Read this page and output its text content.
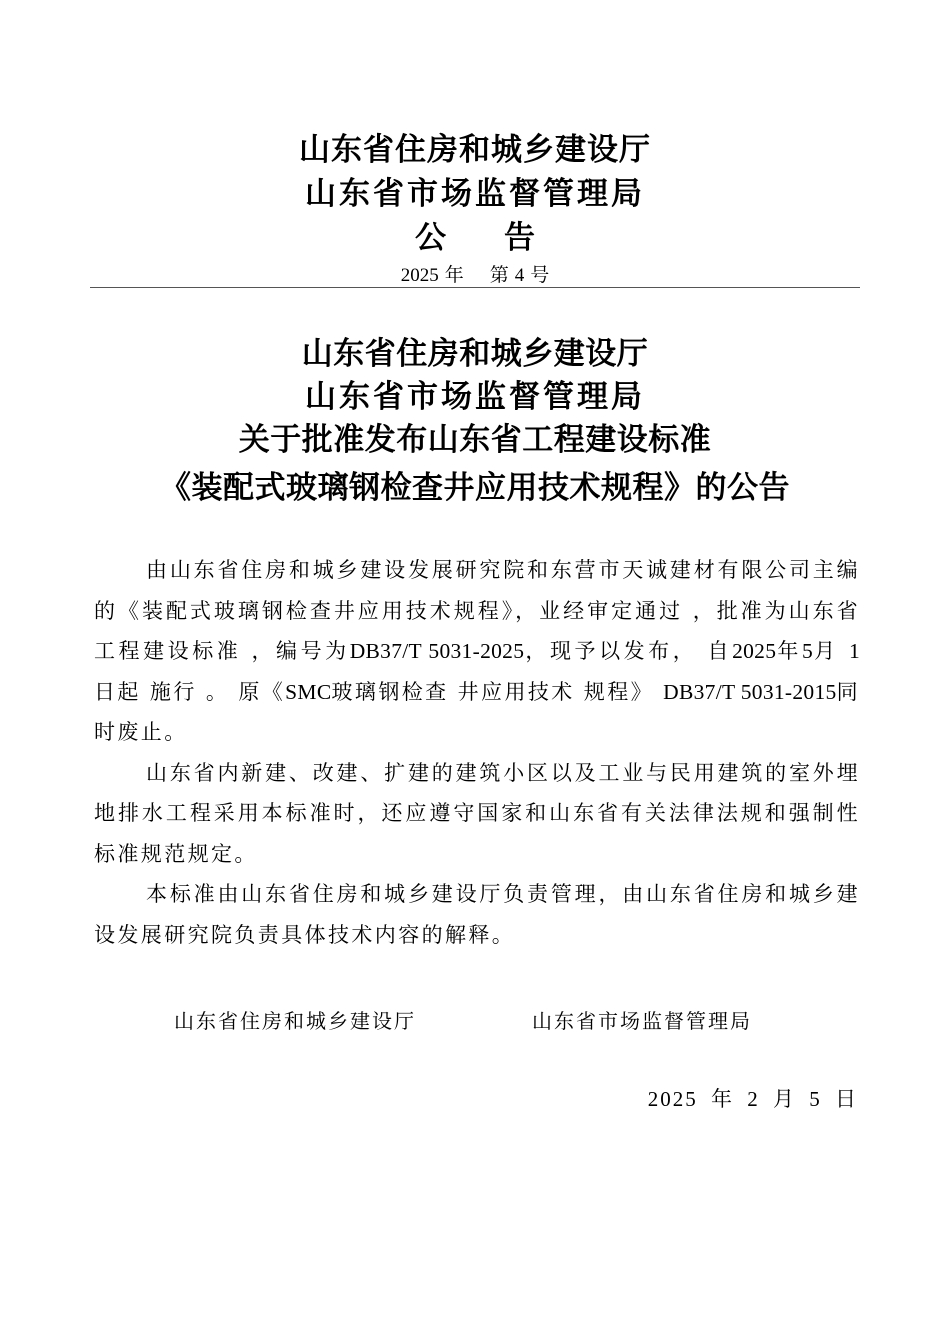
山东省住房和城乡建设厅
山东省市场监督管理局
公 告
2025 年 第 4 号
山东省住房和城乡建设厅
山东省市场监督管理局
关于批准发布山东省工程建设标准
《装配式玻璃钢检查井应用技术规程》的公告

由山东省住房和城乡建设发展研究院和东营市天诚建材有限公司主编的《装配式玻璃钢检查井应用技术规程》，业经审定通过 ，批准为山东省工程建设标准 ，编号为DB37/T 5031-2025，现予以发布， 自2025年5月 1 日起 施行 。 原《SMC玻璃钢检查 井应用技术 规程》 DB37/T 5031-2015同时废止。

山东省内新建、改建、扩建的建筑小区以及工业与民用建筑的室外埋地排水工程采用本标准时，还应遵守国家和山东省有关法律法规和强制性标准规范规定。

本标准由山东省住房和城乡建设厅负责管理，由山东省住房和城乡建设发展研究院负责具体技术内容的解释。

山东省住房和城乡建设厅	山东省市场监督管理局
2025 年 2 月 5 日
